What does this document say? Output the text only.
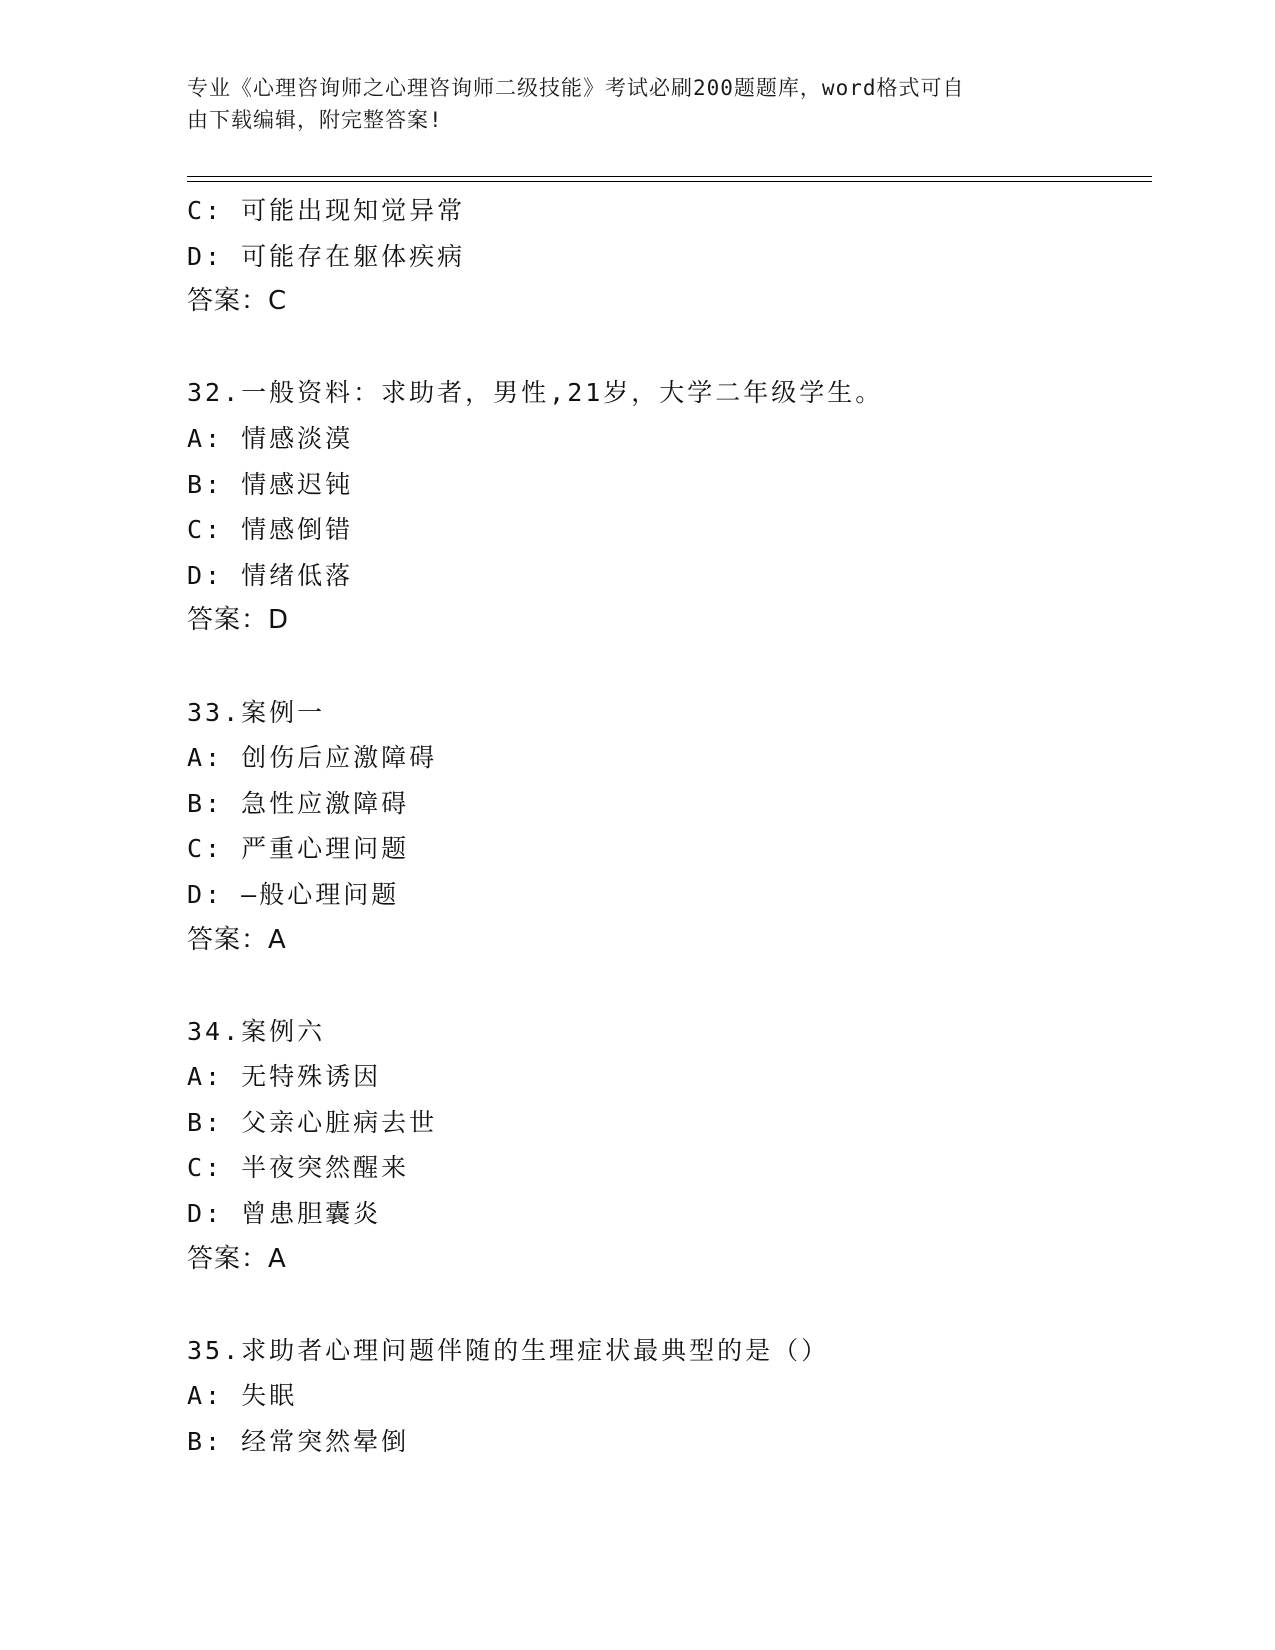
专业《心理咨询师之心理咨询师二级技能》考试必刷200题题库，word格式可自
由下载编辑，附完整答案!
C: 可能出现知觉异常
D: 可能存在躯体疾病
答案：C
32.一般资料：求助者，男性,21岁，大学二年级学生。
A: 情感淡漠
B: 情感迟钝
C: 情感倒错
D: 情绪低落
答案：D
33.案例一
A: 创伤后应激障碍
B: 急性应激障碍
C: 严重心理问题
D: —般心理问题
答案：A
34.案例六
A: 无特殊诱因
B: 父亲心脏病去世
C: 半夜突然醒来
D: 曾患胆囊炎
答案：A
35.求助者心理问题伴随的生理症状最典型的是（）
A: 失眠
B: 经常突然晕倒
